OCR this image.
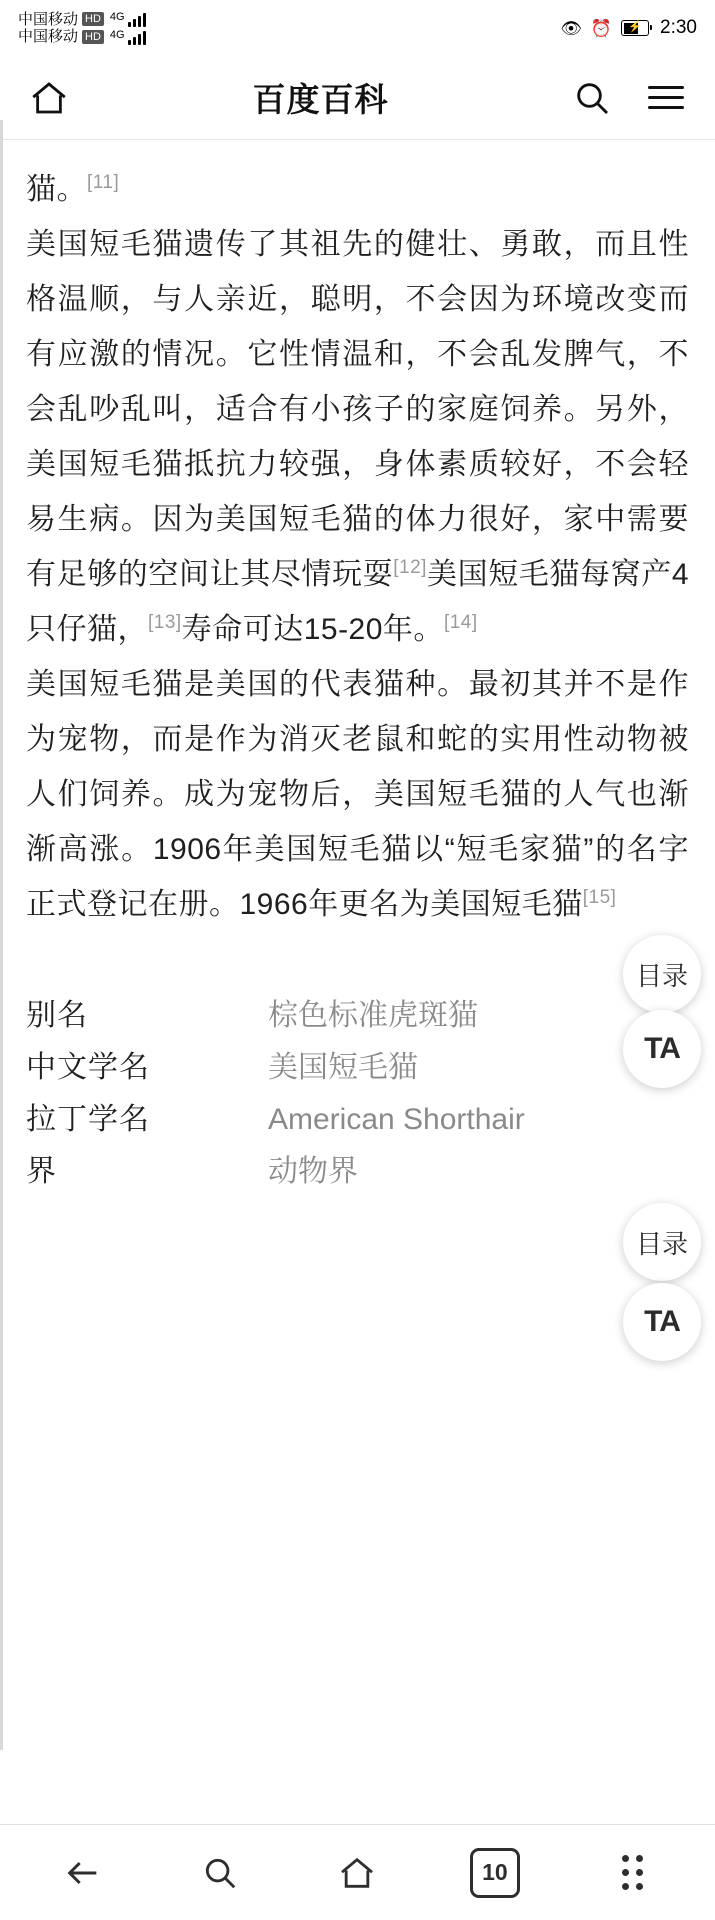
中国移动 HD 4G
中国移动 HD 4G	👁 ⏰	⚡ 2:30
百度百科

猫。[11]

美国短毛猫遗传了其祖先的健壮、勇敢，而且性格温顺，与人亲近，聪明，不会因为环境改变而有应激的情况。它性情温和，不会乱发脾气，不会乱吵乱叫，适合有小孩子的家庭饲养。另外，美国短毛猫抵抗力较强，身体素质较好，不会轻易生病。因为美国短毛猫的体力很好，家中需要有足够的空间让其尽情玩耍[12]美国短毛猫每窝产4只仔猫，[13]寿命可达15-20年。[14]

美国短毛猫是美国的代表猫种。最初其并不是作为宠物，而是作为消灭老鼠和蛇的实用性动物被人们饲养。成为宠物后，美国短毛猫的人气也渐渐高涨。1906年美国短毛猫以“短毛家猫”的名字正式登记在册。1966年更名为美国短毛猫[15]

别名	棕色标准虎斑猫
中文学名	美国短毛猫
拉丁学名	American Shorthair
界	动物界
目录
TA
目录
TA
10
